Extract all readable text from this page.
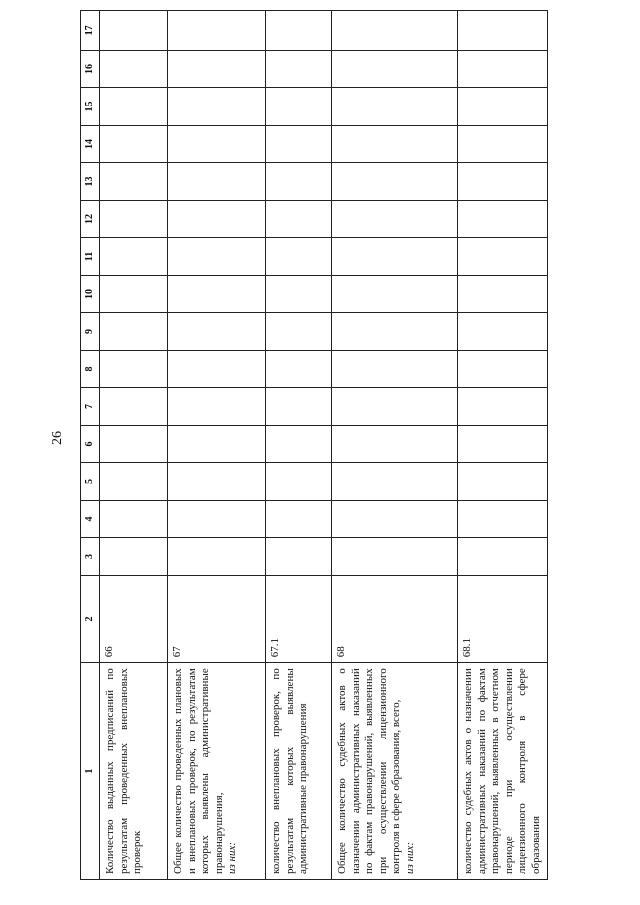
26
1	2	3	4	5	6	7	8	9	10	11	12	13	14	15	16	17

Количество выданных предписаний по результатам проведенных внеплановых проверок	66															

Общее количество проведенных плановых и внеплановых проверок, по результатам которых выявлены административные правонарушения, из них:	67															

количество внеплановых проверок, по результатам которых выявлены административные правонарушения	67.1															

Общее количество судебных актов о назначении административных наказаний по фактам правонарушений, выявленных при осуществлении лицензионного контроля в сфере образования, всего, из них:	68															

количество судебных актов о назначении административных наказаний по фактам правонарушений, выявленных в отчетном периоде при осуществлении лицензионного контроля в сфере образования	68.1															
